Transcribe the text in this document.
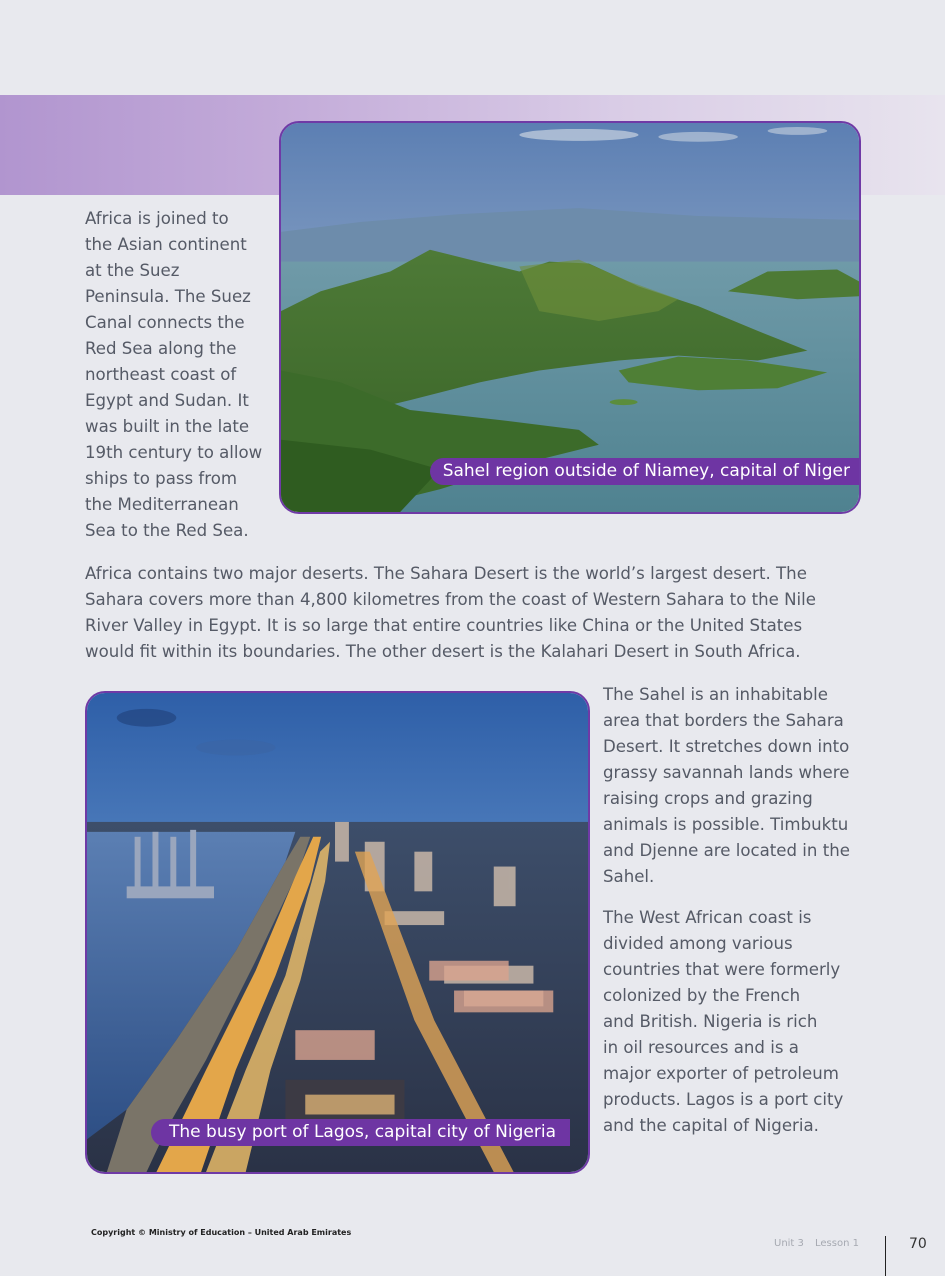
Sahel region outside of Niamey, capital of Niger

Africa is joined to
the Asian continent
at the Suez
Peninsula. The Suez
Canal connects the
Red Sea along the
northeast coast of
Egypt and Sudan. It
was built in the late
19th century to allow
ships to pass from
the Mediterranean
Sea to the Red Sea.

Africa contains two major deserts. The Sahara Desert is the world’s largest desert. The
Sahara covers more than 4,800 kilometres from the coast of Western Sahara to the Nile
River Valley in Egypt. It is so large that entire countries like China or the United States
would fit within its boundaries. The other desert is the Kalahari Desert in South Africa.

The busy port of Lagos, capital city of Nigeria

The Sahel is an inhabitable
area that borders the Sahara
Desert. It stretches down into
grassy savannah lands where
raising crops and grazing
animals is possible. Timbuktu
and Djenne are located in the
Sahel.

The West African coast is
divided among various
countries that were formerly
colonized by the French
and British. Nigeria is rich
in oil resources and is a
major exporter of petroleum
products. Lagos is a port city
and the capital of Nigeria.

Copyright © Ministry of Education – United Arab Emirates
Unit 3 Lesson 1	70
